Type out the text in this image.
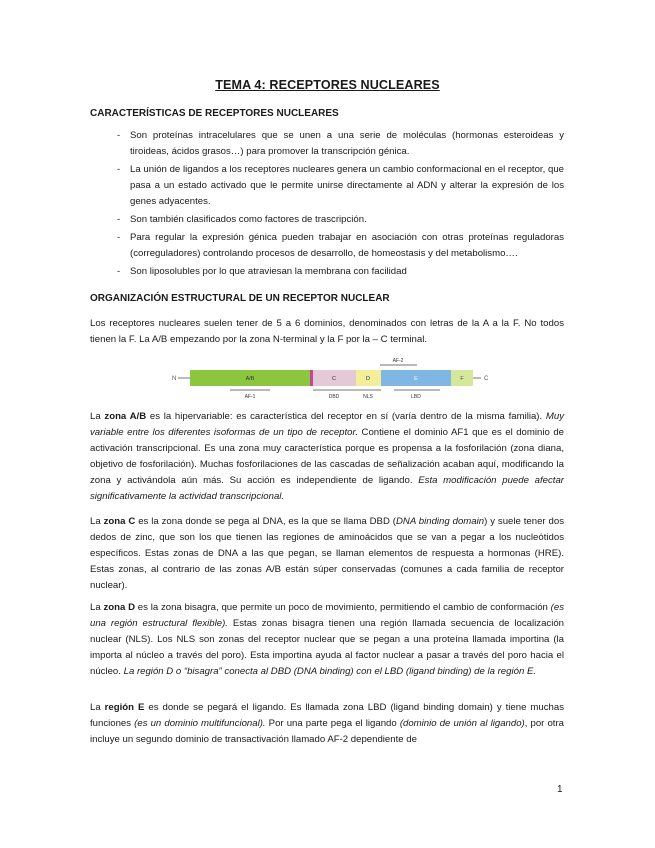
TEMA 4: RECEPTORES NUCLEARES
CARACTERÍSTICAS DE RECEPTORES NUCLEARES
- Son proteínas intracelulares que se unen a una serie de moléculas (hormonas esteroideas y tiroideas, ácidos grasos…) para promover la transcripción génica.
- La unión de ligandos a los receptores nucleares genera un cambio conformacional en el receptor, que pasa a un estado activado que le permite unirse directamente al ADN y alterar la expresión de los genes adyacentes.
- Son también clasificados como factores de trascripción.
- Para regular la expresión génica pueden trabajar en asociación con otras proteínas reguladoras (correguladores) controlando procesos de desarrollo, de homeostasis y del metabolismo….
- Son liposolubles por lo que atraviesan la membrana con facilidad
ORGANIZACIÓN ESTRUCTURAL DE UN RECEPTOR NUCLEAR

Los receptores nucleares suelen tener de 5 a 6 dominios, denominados con letras de la A a la F. No todos tienen la F. La A/B empezando por la zona N-terminal y la F por la – C terminal.

N	C
A/B	C	D	E	F
AF-2
AF-1	DBD	NLS	LBD

La zona A/B es la hipervariable: es característica del receptor en sí (varía dentro de la misma familia). Muy variable entre los diferentes isoformas de un tipo de receptor. Contiene el dominio AF1 que es el dominio de activación transcripcional. Es una zona muy característica porque es propensa a la fosforilación (zona diana, objetivo de fosforilación). Muchas fosforilaciones de las cascadas de señalización acaban aquí, modificando la zona y activándola aún más. Su acción es independiente de ligando. Esta modificación puede afectar significativamente la actividad transcripcional.

La zona C es la zona donde se pega al DNA, es la que se llama DBD (DNA binding domain) y suele tener dos dedos de zinc, que son los que tienen las regiones de aminoácidos que se van a pegar a los nucleótidos específicos. Estas zonas de DNA a las que pegan, se llaman elementos de respuesta a hormonas (HRE). Estas zonas, al contrario de las zonas A/B están súper conservadas (comunes a cada familia de receptor nuclear).

La zona D es la zona bisagra, que permite un poco de movimiento, permitiendo el cambio de conformación (es una región estructural flexible). Estas zonas bisagra tienen una región llamada secuencia de localización nuclear (NLS). Los NLS son zonas del receptor nuclear que se pegan a una proteína llamada importina (la importa al núcleo a través del poro). Esta importina ayuda al factor nuclear a pasar a través del poro hacia el núcleo. La región D o “bisagra” conecta al DBD (DNA binding) con el LBD (ligand binding) de la región E.

La región E es donde se pegará el ligando. Es llamada zona LBD (ligand binding domain) y tiene muchas funciones (es un dominio multifuncional). Por una parte pega el ligando (dominio de unión al ligando), por otra incluye un segundo dominio de transactivación llamado AF-2 dependiente de

1
